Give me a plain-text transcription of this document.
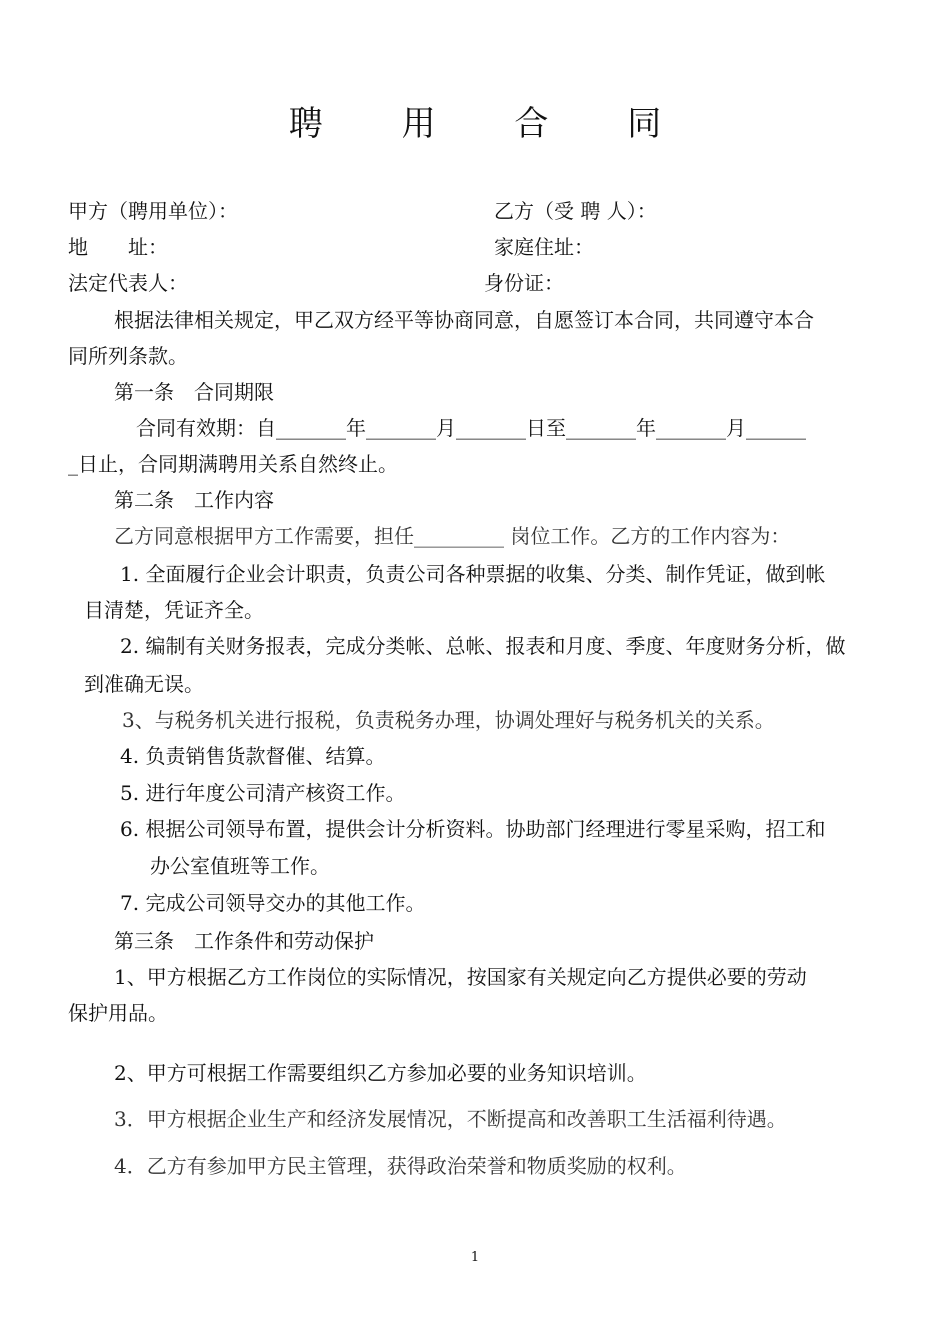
聘 用 合 同
甲方（聘用单位）：	乙方（受 聘 人）：
地　　址：	家庭住址：
法定代表人：	身份证：
根据法律相关规定，甲乙双方经平等协商同意，自愿签订本合同，共同遵守本合
同所列条款。
第一条　合同期限
合同有效期：自_______年_______月_______日至_______年_______月______
_日止，合同期满聘用关系自然终止。
第二条　工作内容
乙方同意根据甲方工作需要，担任_________ 岗位工作。乙方的工作内容为：
1. 全面履行企业会计职责，负责公司各种票据的收集、分类、制作凭证，做到帐
目清楚，凭证齐全。
2. 编制有关财务报表，完成分类帐、总帐、报表和月度、季度、年度财务分析，做
到准确无误。
3、与税务机关进行报税，负责税务办理，协调处理好与税务机关的关系。
4. 负责销售货款督催、结算。
5. 进行年度公司清产核资工作。
6. 根据公司领导布置，提供会计分析资料。协助部门经理进行零星采购，招工和
办公室值班等工作。
7. 完成公司领导交办的其他工作。
第三条　工作条件和劳动保护
1、甲方根据乙方工作岗位的实际情况，按国家有关规定向乙方提供必要的劳动
保护用品。
2、甲方可根据工作需要组织乙方参加必要的业务知识培训。
3．甲方根据企业生产和经济发展情况，不断提高和改善职工生活福利待遇。
4．乙方有参加甲方民主管理，获得政治荣誉和物质奖励的权利。
1
